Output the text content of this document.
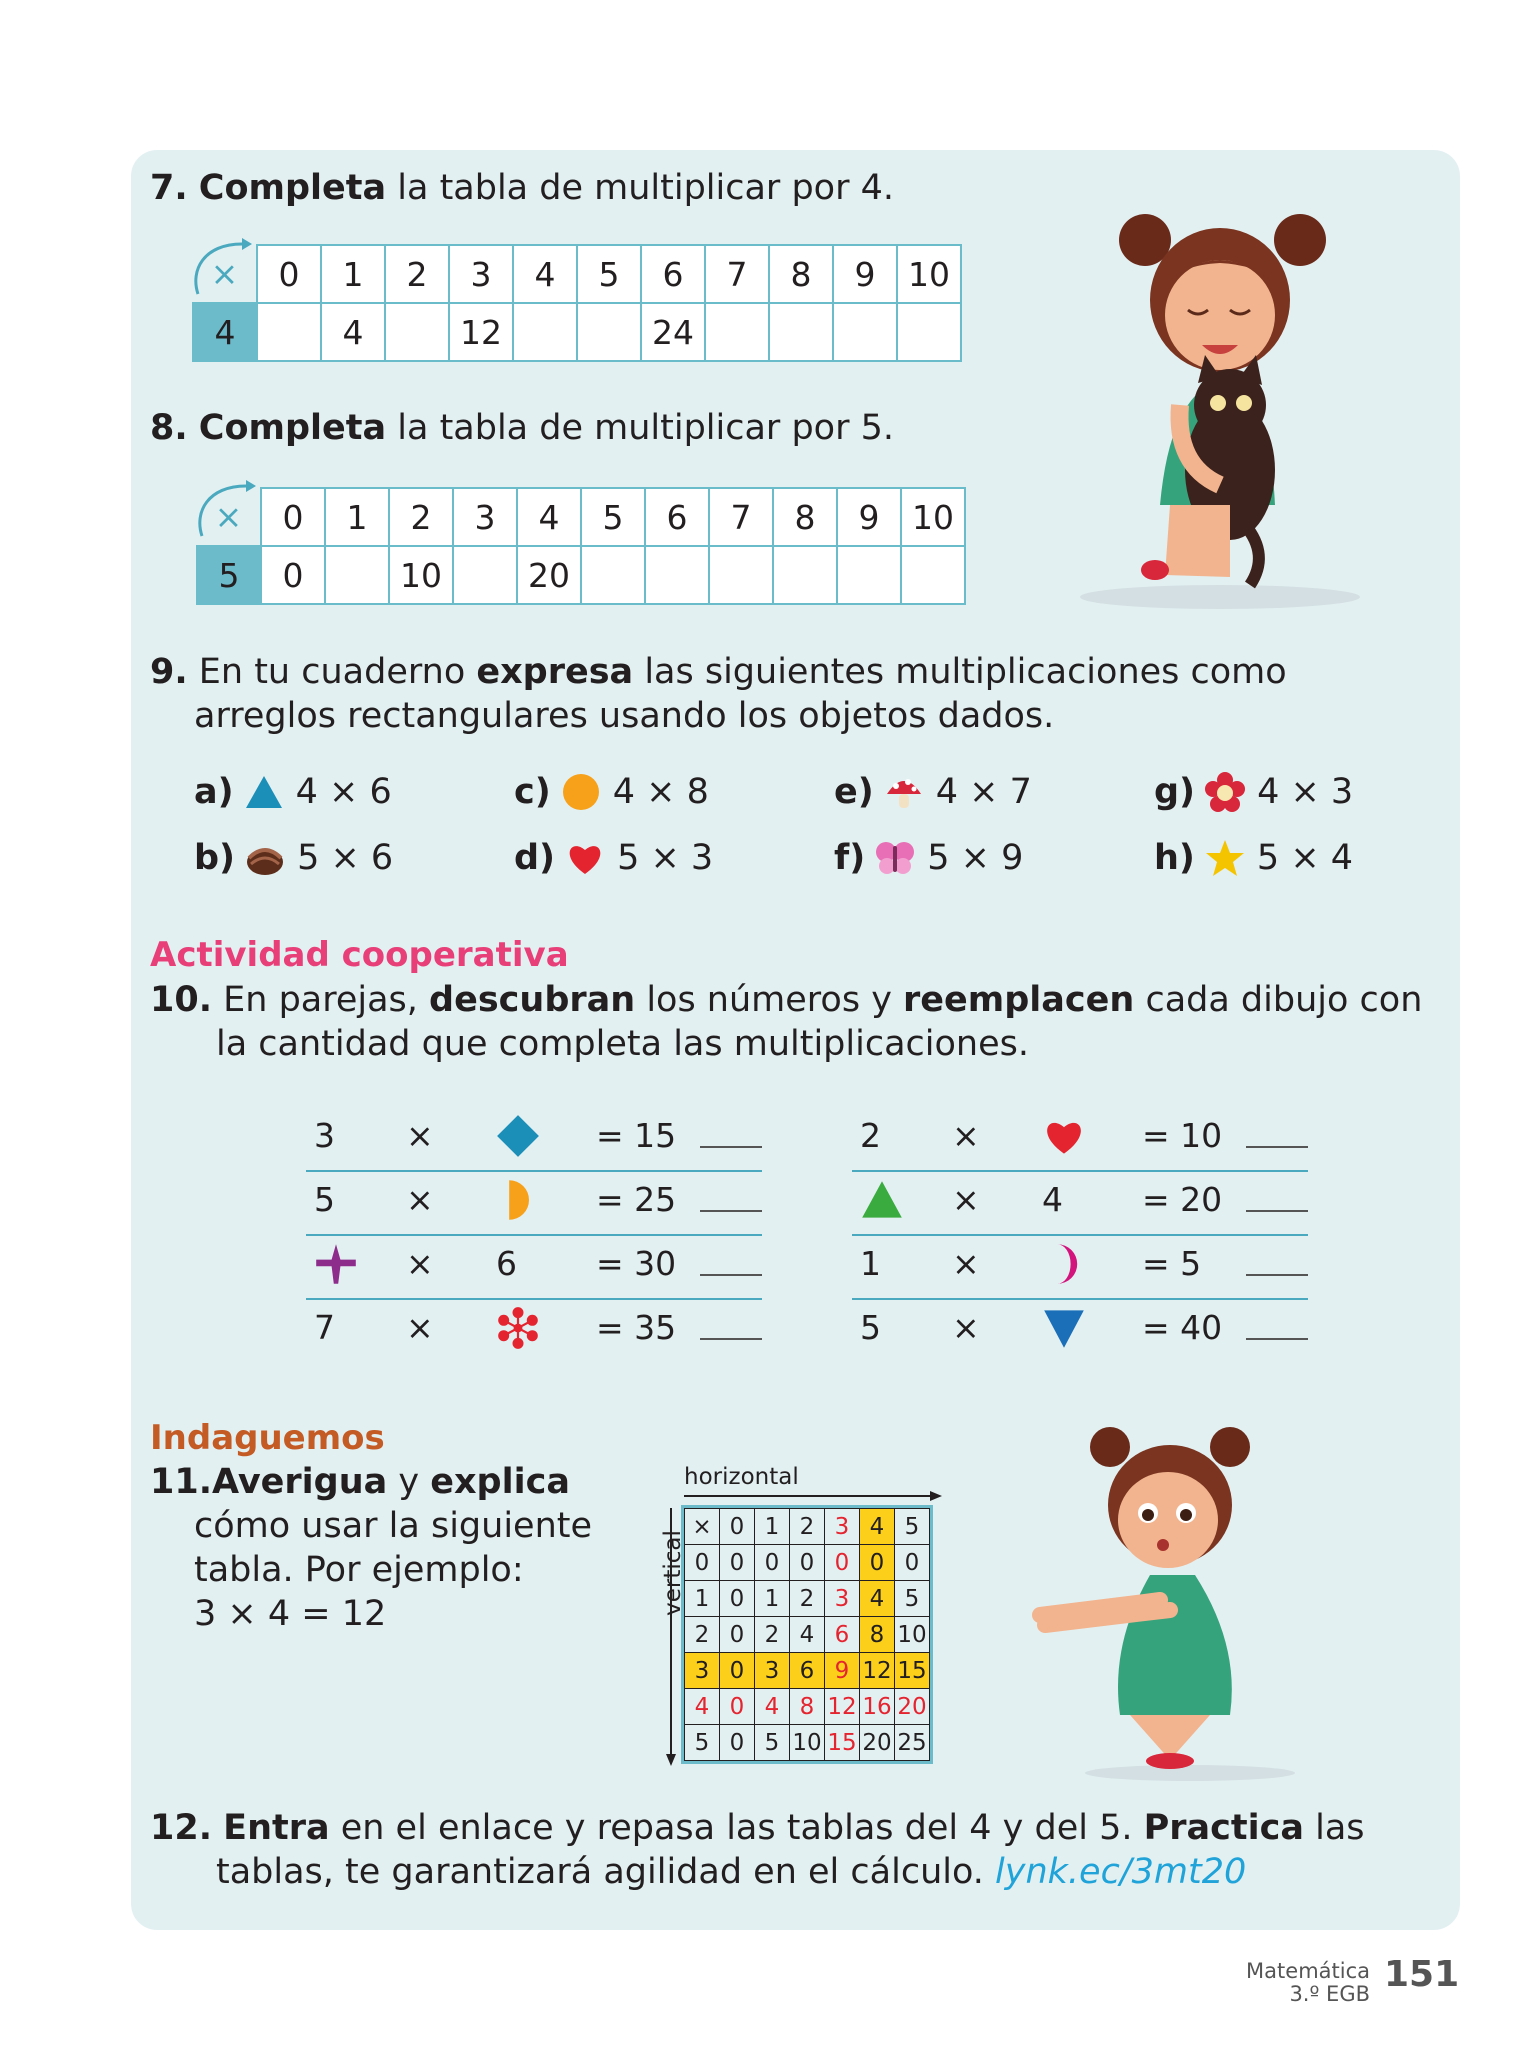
7. Completa la tabla de multiplicar por 4.
×	0	1	2	3	4	5	6	7	8	9	10
4		4		12			24				
8. Completa la tabla de multiplicar por 5.
×	0	1	2	3	4	5	6	7	8	9	10
5	0		10		20						
9. En tu cuaderno expresa las siguientes multiplicaciones como
arreglos rectangulares usando los objetos dados.
a) 4 × 6	c) 4 × 8	e) 4 × 7	g) 4 × 3
b) 5 × 6	d) 5 × 3	f) 5 × 9	h) 5 × 4
Actividad cooperativa
10. En parejas, descubran los números y reemplacen cada dibujo con
la cantidad que completa las multiplicaciones.
3 ×	= 15
5 ×	= 25
× 6 = 30
7 ×	= 35
2 ×	= 10
× 4 = 20
1 ×	= 5
5 ×	= 40
Indaguemos
11.Averigua y explica
cómo usar la siguiente
tabla. Por ejemplo:
3 × 4 = 12
horizontal
vertical
×	0	1	2	3	4	5
0	0	0	0	0	0	0
1	0	1	2	3	4	5
2	0	2	4	6	8	10
3	0	3	6	9	12	15
4	0	4	8	12	16	20
5	0	5	10	15	20	25
12. Entra en el enlace y repasa las tablas del 4 y del 5. Practica las
tablas, te garantizará agilidad en el cálculo. lynk.ec/3mt20
Matemática
3.º EGB 151
